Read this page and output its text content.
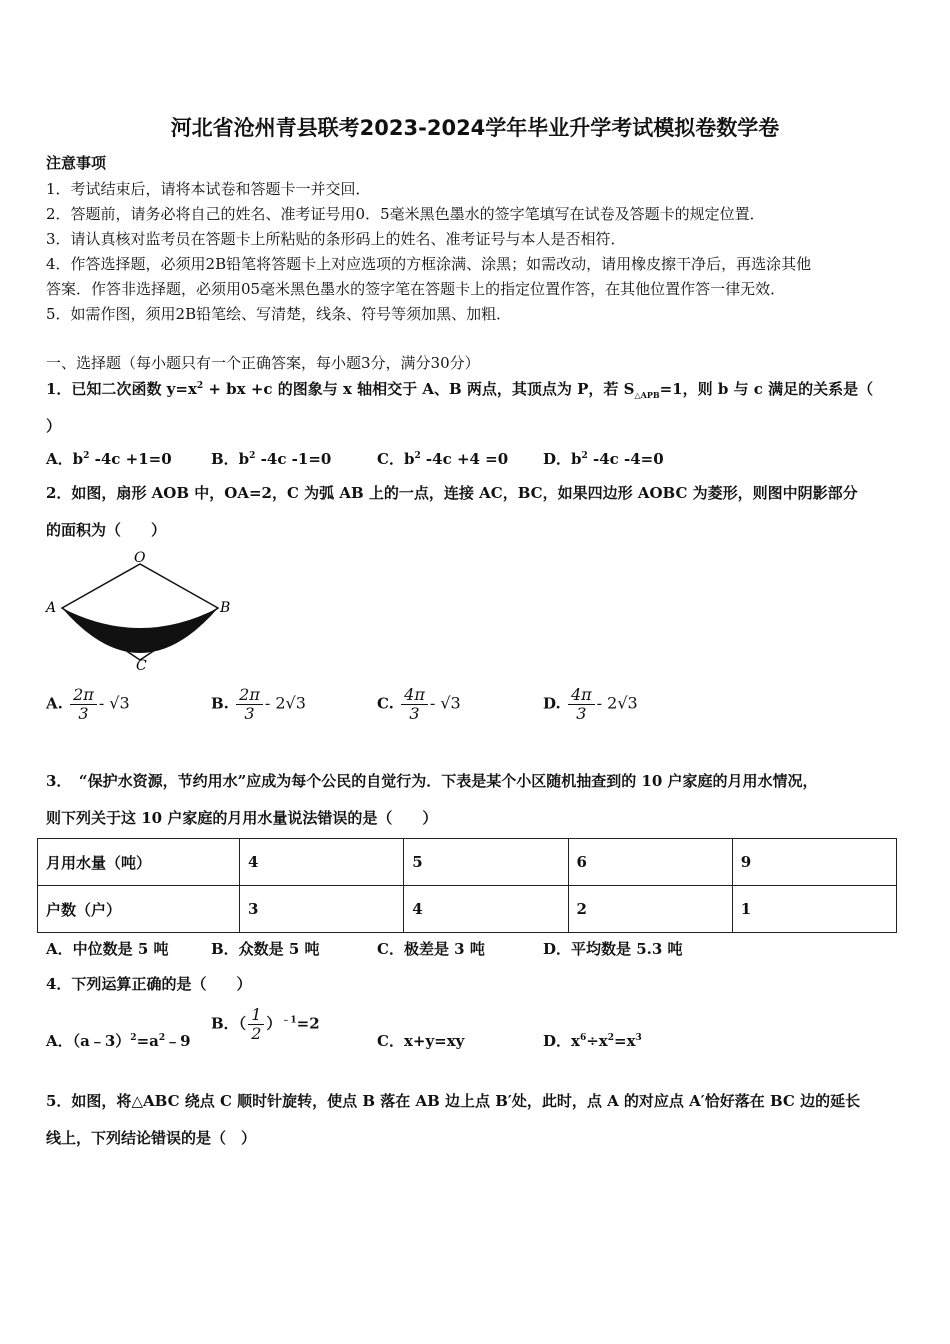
河北省沧州青县联考2023-2024学年毕业升学考试模拟卷数学卷
注意事项
1．考试结束后，请将本试卷和答题卡一并交回．
2．答题前，请务必将自己的姓名、准考证号用0．5毫米黑色墨水的签字笔填写在试卷及答题卡的规定位置．
3．请认真核对监考员在答题卡上所粘贴的条形码上的姓名、准考证号与本人是否相符．
4．作答选择题，必须用2B铅笔将答题卡上对应选项的方框涂满、涂黑；如需改动，请用橡皮擦干净后，再选涂其他
答案．作答非选择题，必须用05毫米黑色墨水的签字笔在答题卡上的指定位置作答，在其他位置作答一律无效．
5．如需作图，须用2B铅笔绘、写清楚，线条、符号等须加黑、加粗．
一、选择题（每小题只有一个正确答案，每小题3分，满分30分）
1．已知二次函数 $y=x^2$ + bx +c 的图象与 x 轴相交于 A、B 两点，其顶点为 P，若 $S_{\triangle APB}=1$，则 b 与 c 满足的关系是（
）
A．$b^2$ -4c +1=0	B．$b^2$ -4c -1=0	C．$b^2$ -4c +4 =0 D．$b^2$ -4c -4=0
2．如图，扇形 AOB 中，OA=2，C 为弧 AB 上的一点，连接 AC，BC，如果四边形 AOBC 为菱形，则图中阴影部分
的面积为（　　）
O
A	B
C
A. $\frac{2\pi}{3} - √3$	B. $\frac{2\pi}{3} - 2√3$	C. $\frac{4\pi}{3} - √3$	D. $\frac{4\pi}{3} - 2√3$
3．　“保护水资源，节约用水”应成为每个公民的自觉行为．下表是某个小区随机抽查到的 10 户家庭的月用水情况，
则下列关于这 10 户家庭的月用水量说法错误的是（　　）
月用水量（吨）	4	5	6	9
户数（户）	3	4	2	1
A．中位数是 5 吨	B．众数是 5 吨	C．极差是 3 吨	D．平均数是 5.3 吨
4．下列运算正确的是（　　）
A．$(a﹣3)^2=a^2﹣9$
B．（ $\frac{1}{2} )^{﹣1}=2$
C．x+y=xy	D．$x^6\div x^2=x^3$
5．如图，将△ABC 绕点 C 顺时针旋转，使点 B 落在 AB 边上点 B′处，此时，点 A 的对应点 A′恰好落在 BC 边的延长
线上，下列结论错误的是（　）
